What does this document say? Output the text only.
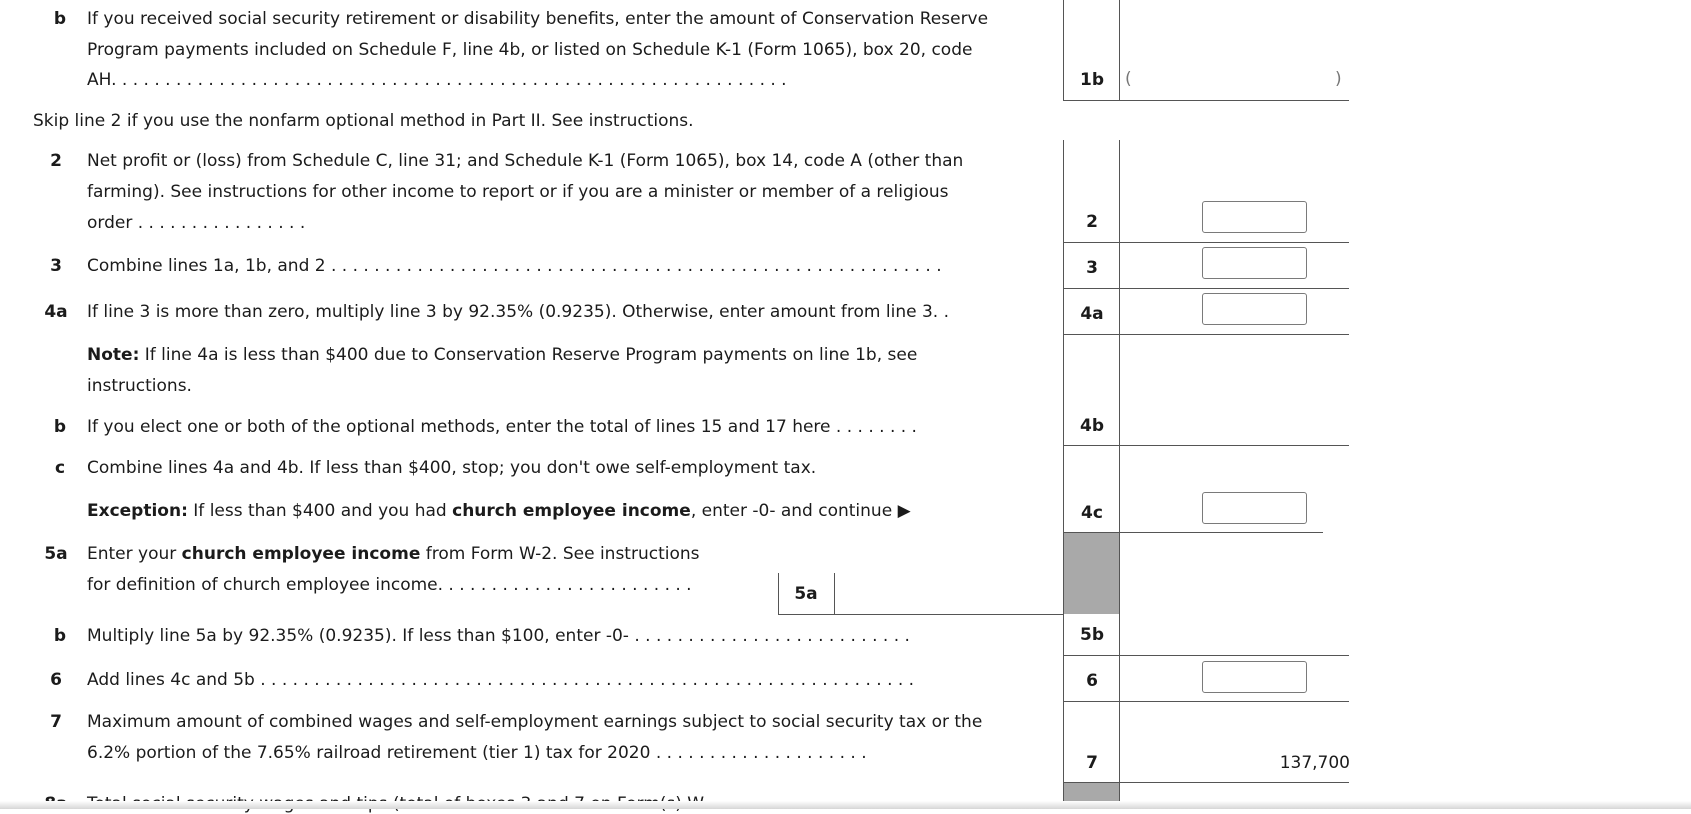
b	If you received social security retirement or disability benefits, enter the amount of Conservation Reserve
Program payments included on Schedule F, line 4b, or listed on Schedule K-1 (Form 1065), box 20, code
AH. . . . . . . . . . . . . . . . . . . . . . . . . . . . . . . . . . . . . . . . . . . . . . . . . . . . . . . . . . . . . . .	1b	(	)
Skip line 2 if you use the nonfarm optional method in Part II. See instructions.
2	Net profit or (loss) from Schedule C, line 31; and Schedule K-1 (Form 1065), box 14, code A (other than
farming). See instructions for other income to report or if you are a minister or member of a religious
order . . . . . . . . . . . . . . . .	2
3	Combine lines 1a, 1b, and 2 . . . . . . . . . . . . . . . . . . . . . . . . . . . . . . . . . . . . . . . . . . . . . . . . . . . . . . . . .	3
4a	If line 3 is more than zero, multiply line 3 by 92.35% (0.9235). Otherwise, enter amount from line 3. .	4a
Note: If line 4a is less than $400 due to Conservation Reserve Program payments on line 1b, see
instructions.
b	If you elect one or both of the optional methods, enter the total of lines 15 and 17 here . . . . . . . .	4b
c	Combine lines 4a and 4b. If less than $400, stop; you don't owe self-employment tax.
Exception: If less than $400 and you had church employee income, enter -0- and continue ▶	4c
5a	Enter your church employee income from Form W-2. See instructions
for definition of church employee income. . . . . . . . . . . . . . . . . . . . . . . .	5a
b	Multiply line 5a by 92.35% (0.9235). If less than $100, enter -0- . . . . . . . . . . . . . . . . . . . . . . . . . .	5b
6	Add lines 4c and 5b . . . . . . . . . . . . . . . . . . . . . . . . . . . . . . . . . . . . . . . . . . . . . . . . . . . . . . . . . . . . .	6
7	Maximum amount of combined wages and self-employment earnings subject to social security tax or the
6.2% portion of the 7.65% railroad retirement (tier 1) tax for 2020 . . . . . . . . . . . . . . . . . . . .	7	137,700
